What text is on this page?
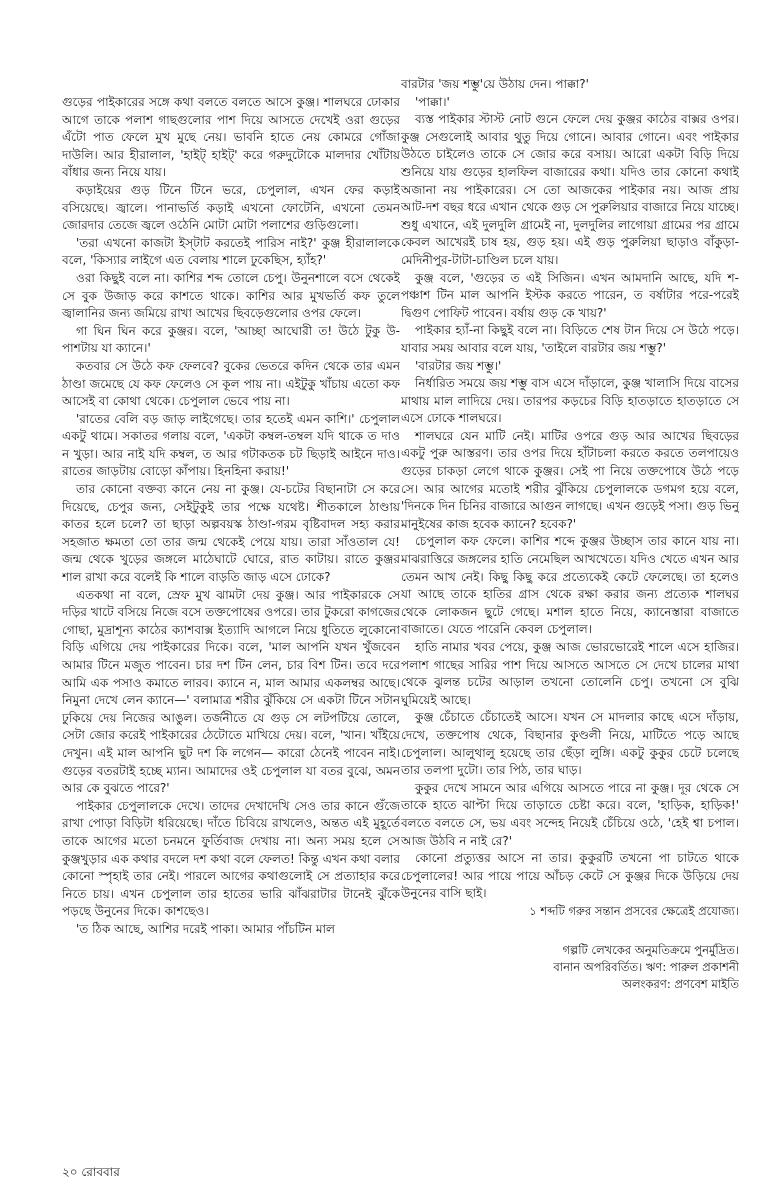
গুড়ের পাইকারের সঙ্গে কথা বলতে বলতে আসে কুঞ্জ। শালঘরে ঢোকার আগে তাকে পলাশ গাছগুলোর পাশ দিয়ে আসতে দেখেই ওরা গুড়ের এঁটো পাত ফেলে মুখ মুছে নেয়। ভাবনি হাতে নেয় কোমরে গোঁজা দাউলি। আর হীরালাল, 'হাইট্‌ হাইট্‌' করে গরুদুটোকে মালদার খোঁটায় বাঁধার জন্য নিয়ে যায়।

কড়াইয়ের গুড় টিনে টিনে ভরে, চেপুলাল, এখন ফের কড়াই বসিয়েছে। জ্বালে। পানাভর্তি কড়াই এখনো ফোটেনি, এখনো তেমন জোরদার তেজে জ্বলে ওঠেনি মোটা মোটা পলাশের গুড়িগুলো।

'তরা এখনো কাজটা ইস্‌টাট করতেই পারিস নাই?' কুঞ্জ হীরালালকে বলে, 'কিস্যার লাইগে এত বেলায় শালে ঢুকেছিস, হ্যাঁহ?'

ওরা কিছুই বলে না। কাশির শব্দ তোলে চেপু। উনুনশালে বসে থেকেই সে বুক উজাড় করে কাশতে থাকে। কাশির আর মুখভর্তি কফ তুলে জ্বালানির জন্য জমিয়ে রাখা আখের ছিবড়েগুলোর ওপর ফেলে।

গা ঘিন ঘিন করে কুঞ্জর। বলে, 'আচ্ছা আঘোরী ত! উঠে টুকু উ-পাশটায় যা ক্যানে।'

কতবার সে উঠে কফ ফেলবে? বুকের ভেতরে কদিন থেকে তার এমন ঠাণ্ডা জমেছে যে কফ ফেলেও সে কূল পায় না। এইটুকু খাঁচায় এতো কফ আসেই বা কোথা থেকে। চেপুলাল ভেবে পায় না।

'রাতের বেলি বড় জাড় লাইগেছে। তার হতেই এমন কাশি।' চেপুলাল একটু থামে। সকাতর গলায় বলে, 'একটা কম্বল-তম্বল যদি থাকে ত দাও ন খুড়া। আর নাই যদি কম্বল, ত আর গটাকতক চট ছিড়াই আইনে দাও। রাতের জাড়টায় বোড়ো কাঁপায়। হিনহিনা করায়!'

তার কোনো বক্তব্য কানে নেয় না কুঞ্জ। যে-চটের বিছানাটা সে করে দিয়েছে, চেপুর জন্য, সেইটুকুই তার পক্ষে যথেষ্ট। শীতকালে ঠাণ্ডায় কাতর হলে চলে? তা ছাড়া অল্পবয়স্ক ঠাণ্ডা-গরম বৃষ্টিবাদল সহ্য করার সহজাত ক্ষমতা তো তার জন্ম থেকেই পেয়ে যায়। তারা সাঁওতাল যে! জন্ম থেকে খুড়ের জঙ্গলে মাঠেঘাটে ঘোরে, রাত কাটায়। রাতে কুঞ্জর শাল রাখা করে বলেই কি শালে বাড়তি জাড় এসে ঢোকে?

এতকথা না বলে, স্রেফ মুখ ঝামটা দেয় কুঞ্জ। আর পাইকারকে সে দড়ির খাটে বসিয়ে নিজে বসে তক্তপোষের ওপরে। তার টুকরো কাগজের গোছা, মুদ্রাশূন্য কাঠের ক্যাশবাক্স ইত্যাদি আগলে নিয়ে ধুতিতে লুকোনো বিড়ি এগিয়ে দেয় পাইকারের দিকে। বলে, 'মাল আপনি যখন খুঁজবেন আমার টিনে মজুত পাবেন। চার দশ টিন লেন, চার বিশ টিন। তবে দরে আমি এক পসাও কমাতে লারব। ক্যানে ন, মাল আমার একলম্বর আছে। নিমুনা দেখে লেন ক্যানে—' বলামাত্র শরীর ঝুঁকিয়ে সে একটা টিনে সটান ঢুকিয়ে দেয় নিজের আঙুল। তর্জনীতে যে গুড় সে লটপটিয়ে তোলে, সেটা জোর করেই পাইকারের ঠেটোতে মাখিয়ে দেয়। বলে, 'খান। খাঁইয়ে দেখুন। এই মাল আপনি ছুট দশ কি লগেন— কারো ঠেনেই পাবেন নাই। গুড়ের বতরটাই হচ্ছে ম্যান। আমাদের ওই চেপুলাল যা বতর বুঝে, অমন আর কে বুঝতে পারে?'

পাইকার চেপুলালকে দেখে। তাদের দেখাদেখি সেও তার কানে গুঁজে রাখা পোড়া বিড়িটা ধরিয়েছে। দাঁতে চিবিয়ে রাখলেও, অন্তত এই মুহূর্তে তাকে আগের মতো চনমনে ফুর্তিবাজ দেখায় না। অন্য সময় হলে সে কুঞ্জখুড়ার এক কথার বদলে দশ কথা বলে ফেলত! কিন্তু এখন কথা বলার কোনো স্পৃহাই তার নেই। পারলে আগের কথাগুলোই সে প্রত্যাহার করে নিতে চায়। এখন চেপুলাল তার হাতের ভারি ঝাঁঝরাটার টানেই ঝুঁকে পড়ছে উনুনের দিকে। কাশছেও।

'ত ঠিক আছে, আশির দরেই পাকা। আমার পাঁচটিন মাল

বারটার 'জয় শম্ভু'য়ে উঠায় দেন। পাক্কা?'

'পাক্কা।'

ব্যস্ত পাইকার স্টাস্ট নোট গুনে ফেলে দেয় কুঞ্জর কাঠের বাক্সর ওপর। কুঞ্জ সেগুলোই আবার থুতু দিয়ে গোনে। আবার গোনে। এবং পাইকার উঠতে চাইলেও তাকে সে জোর করে বসায়। আরো একটা বিড়ি দিয়ে শুনিয়ে যায় গুড়ের হালফিল বাজারের কথা। যদিও তার কোনো কথাই অজানা নয় পাইকারের। সে তো আজকের পাইকার নয়। আজ প্রায় আট-দশ বছর ধরে এখান থেকে গুড় সে পুরুলিয়ার বাজারে নিয়ে যাচ্ছে। শুধু এখানে, এই দুলদুলি গ্রামেই না, দুলদুলির লাগোয়া গ্রামের পর গ্রামে কেবল আখেরই চাষ হয়, গুড় হয়। এই গুড় পুরুলিয়া ছাড়াও বাঁকুড়া-মেদিনীপুর-টাটা-চাণ্ডিল চলে যায়।

কুঞ্জ বলে, 'গুড়ের ত এই সিজিন। এখন আমদানি আছে, যদি শ-পঞ্চাশ টিন মাল আপনি ইস্টক করতে পারেন, ত বর্ষাটার পরে-পরেই দ্বিগুণ পোফিট পাবেন। বর্ষায় গুড় কে খায়?'

পাইকার হ্যাঁ-না কিছুই বলে না। বিড়িতে শেষ টান দিয়ে সে উঠে পড়ে। যাবার সময় আবার বলে যায়, 'তাইলে বারটার জয় শম্ভু?'

'বারটার জয় শম্ভু।'

নির্ধারিত সময়ে জয় শম্ভু বাস এসে দাঁড়ালে, কুঞ্জ খালাসি দিয়ে বাসের মাথায় মাল লাদিয়ে দেয়। তারপর কড়চের বিড়ি হাতড়াতে হাতড়াতে সে এসে ঢোকে শালঘরে।

শালঘরে যেন মাটি নেই। মাটির ওপরে গুড় আর আখের ছিবড়ের একটু পুরু আস্তরণ। তার ওপর দিয়ে হাঁটাচলা করতে করতে তলপায়েও গুড়ের চাকড়া লেগে থাকে কুঞ্জর। সেই পা নিয়ে তক্তপোষে উঠে পড়ে সে। আর আগের মতোই শরীর ঝুঁকিয়ে চেপুলালকে ডগমগ হয়ে বলে, 'দিনকে দিন চিনির বাজারে আগুন লাগছে। এখন গুড়েই পসা। গুড় ভিনু মানুইষের কাজ হবেক ক্যানে? হবেক?'

চেপুলাল কফ ফেলে। কাশির শব্দে কুঞ্জর উচ্ছাস তার কানে যায় না। মাঝরাত্তিরে জঙ্গলের হাতি নেমেছিল আখখেতে। যদিও খেতে এখন আর তেমন আখ নেই। কিছু কিছু করে প্রত্যেকেই কেটে ফেলেছে। তা হলেও যা আছে তাকে হাতির গ্রাস থেকে রক্ষা করার জন্য প্রত্যেক শালঘর থেকে লোকজন ছুটে গেছে। মশাল হাতে নিয়ে, ক্যানেস্তারা বাজাতে বাজাতে। যেতে পারেনি কেবল চেপুলাল।

হাতি নামার খবর পেয়ে, কুঞ্জ আজ ভোরভোরেই শালে এসে হাজির। পলাশ গাছের সারির পাশ দিয়ে আসতে আসতে সে দেখে চালের মাথা থেকে ঝুলন্ত চটের আড়াল তখনো তোলেনি চেপু। তখনো সে বুঝি ঘুমিয়েই আছে।

কুঞ্জ চেঁচাতে চেঁচাতেই আসে। যখন সে মাদলার কাছে এসে দাঁড়ায়, দেখে, তক্তপোষ থেকে, বিছানার কুণ্ডলী নিয়ে, মাটিতে পড়ে আছে চেপুলাল। আলুথালু হয়েছে তার ছেঁড়া লুঙ্গি। একটু কুকুর চেটে চলেছে তার তলপা দুটো। তার পিঠ, তার ঘাড়।

কুকুর দেখে সামনে আর এগিয়ে আসতে পারে না কুঞ্জ। দূর থেকে সে তাকে হাতে ঝাপ্টা দিয়ে তাড়াতে চেষ্টা করে। বলে, 'হাড়িক, হাড়িক!' বলতে বলতে সে, ভয় এবং সন্দেহ নিয়েই চেঁচিয়ে ওঠে, 'হেই শ্বা চপাল। আজ উঠবি ন নাই রে?'

কোনো প্রত্যুত্তর আসে না তার। কুকুরটি তখনো পা চাটতে থাকে চেপুলালের! আর পায়ে পায়ে আঁচড় কেটে সে কুঞ্জর দিকে উড়িয়ে দেয় উনুনের বাসি ছাই।

১ শব্দটি গরুর সন্তান প্রসবের ক্ষেত্রেই প্রযোজ্য।

গল্পটি লেখকের অনুমতিক্রমে পুনর্মুদ্রিত।

বানান অপরিবর্তিত। ঋণ: পারুল প্রকাশনী

অলংকরণ: প্রণবেশ মাইতি

২০ রোববার
